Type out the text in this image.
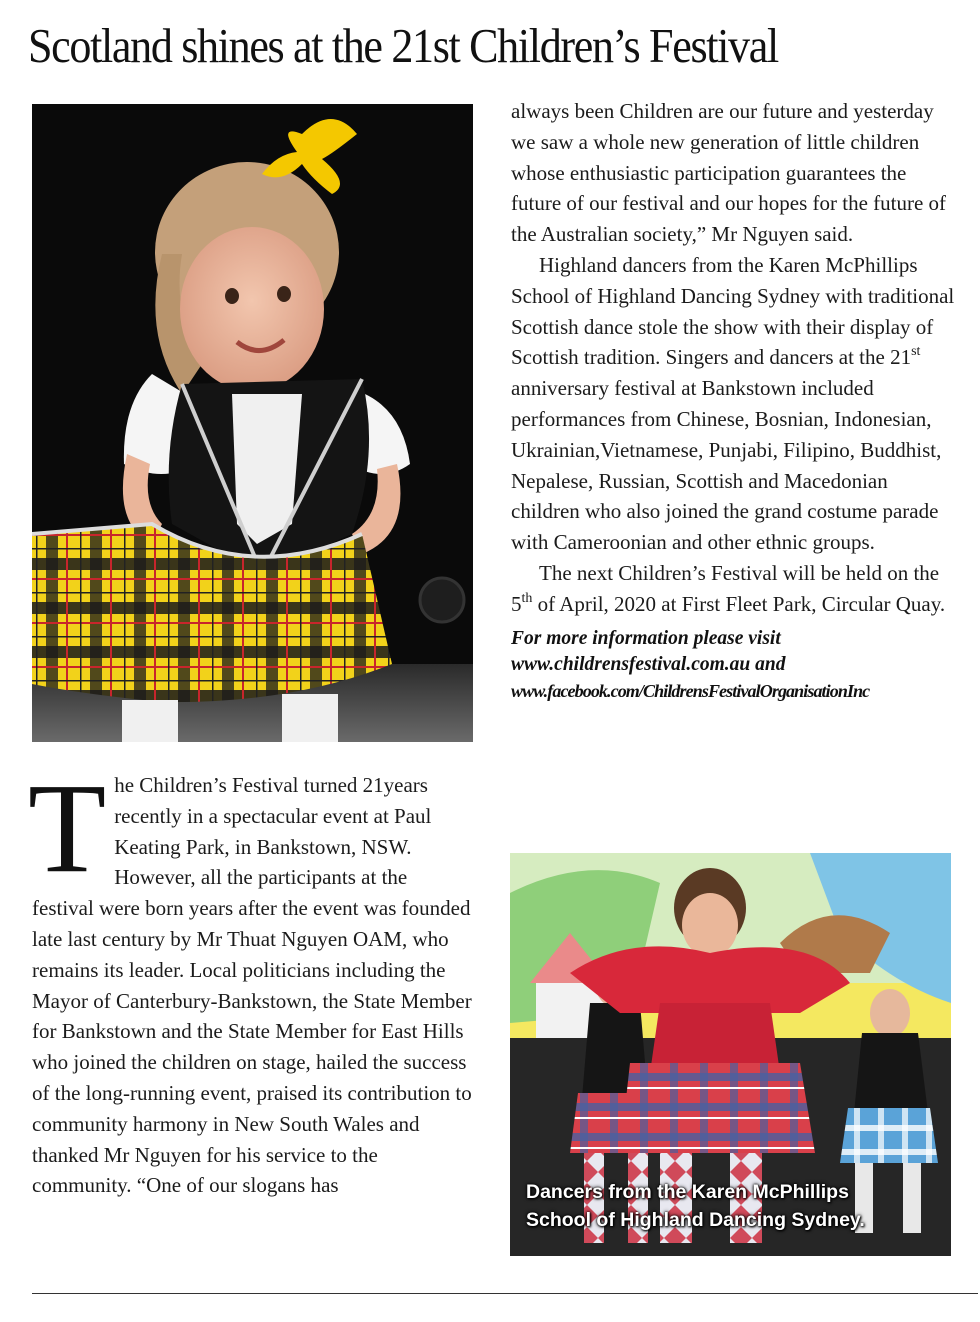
Scotland shines at the 21st Children’s Festival
T he Children’s Festival turned 21years recently in a spectacular event at Paul Keating Park, in Bankstown, NSW. However, all the participants at the festival were born years after the event was founded late last century by Mr Thuat Nguyen OAM, who remains its leader. Local politicians including the Mayor of Canterbury-Bankstown, the State Member for Bankstown and the State Member for East Hills who joined the children on stage, hailed the success of the long-running event, praised its contribution to community harmony in New South Wales and thanked Mr Nguyen for his service to the community. “One of our slogans has

always been Children are our future and yesterday we saw a whole new generation of little children whose enthusiastic participation guarantees the future of our festival and our hopes for the future of the Australian society,” Mr Nguyen said.

Highland dancers from the Karen McPhillips School of Highland Dancing Sydney with traditional Scottish dance stole the show with their display of Scottish tradition. Singers and dancers at the 21st anniversary festival at Bankstown included performances from Chinese, Bosnian, Indonesian, Ukrainian,Vietnamese, Punjabi, Filipino, Buddhist, Nepalese, Russian, Scottish and Macedonian children who also joined the grand costume parade with Cameroonian and other ethnic groups.

The next Children’s Festival will be held on the 5th of April, 2020 at First Fleet Park, Circular Quay.

For more information please visit
www.childrensfestival.com.au and
www.facebook.com/ChildrensFestivalOrganisationInc

Dancers from the Karen McPhillips
School of Highland Dancing Sydney.
